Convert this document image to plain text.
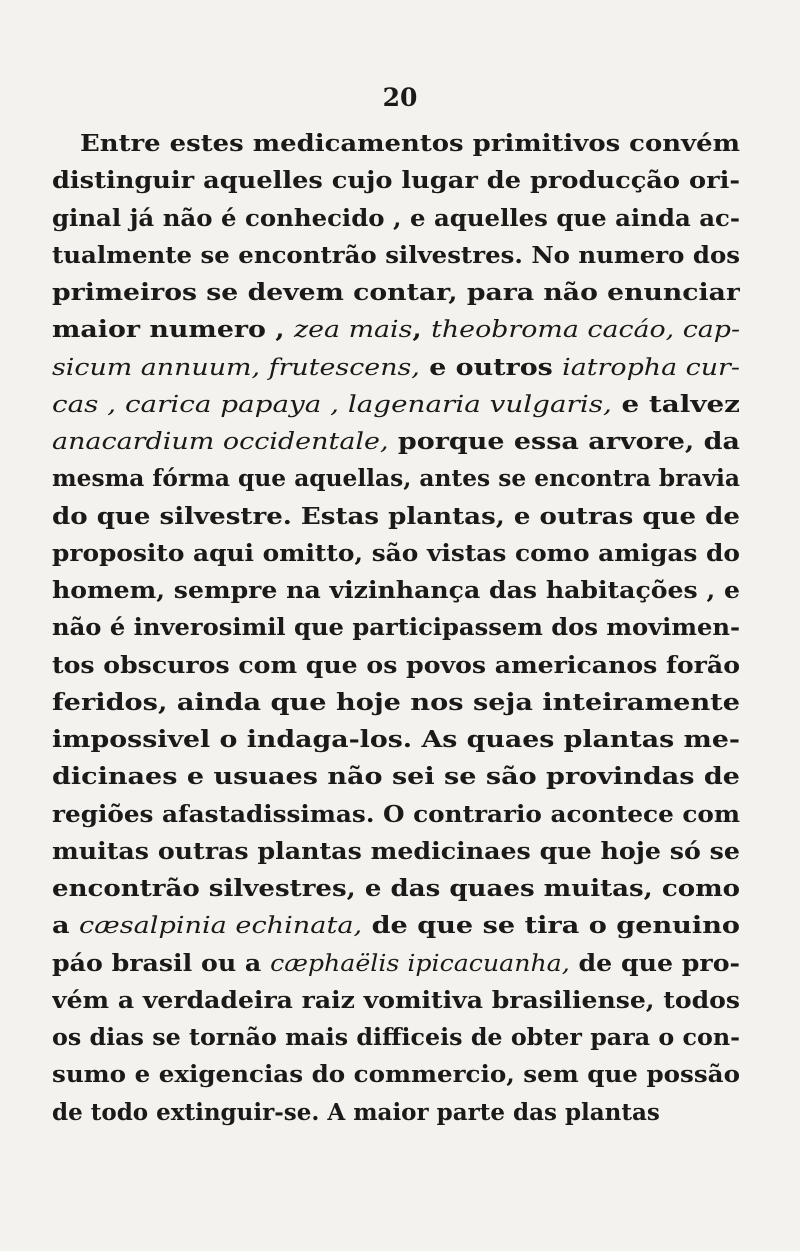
20
Entre estes medicamentos primitivos convém
distinguir aquelles cujo lugar de producção ori-
ginal já não é conhecido , e aquelles que ainda ac-
tualmente se encontrão silvestres. No numero dos
primeiros se devem contar, para não enunciar
maior numero , zea mais, theobroma cacáo, cap-
sicum annuum, frutescens, e outros iatropha cur-
cas , carica papaya , lagenaria vulgaris, e talvez
anacardium occidentale, porque essa arvore, da
mesma fórma que aquellas, antes se encontra bravia
do que silvestre. Estas plantas, e outras que de
proposito aqui omitto, são vistas como amigas do
homem, sempre na vizinhança das habitações , e
não é inverosimil que participassem dos movimen-
tos obscuros com que os povos americanos forão
feridos, ainda que hoje nos seja inteiramente
impossivel o indaga-los. As quaes plantas me-
dicinaes e usuaes não sei se são provindas de
regiões afastadissimas. O contrario acontece com
muitas outras plantas medicinaes que hoje só se
encontrão silvestres, e das quaes muitas, como
a cæsalpinia echinata, de que se tira o genuino
páo brasil ou a cæphaëlis ipicacuanha, de que pro-
vém a verdadeira raiz vomitiva brasiliense, todos
os dias se tornão mais difficeis de obter para o con-
sumo e exigencias do commercio, sem que possão
de todo extinguir-se. A maior parte das plantas
